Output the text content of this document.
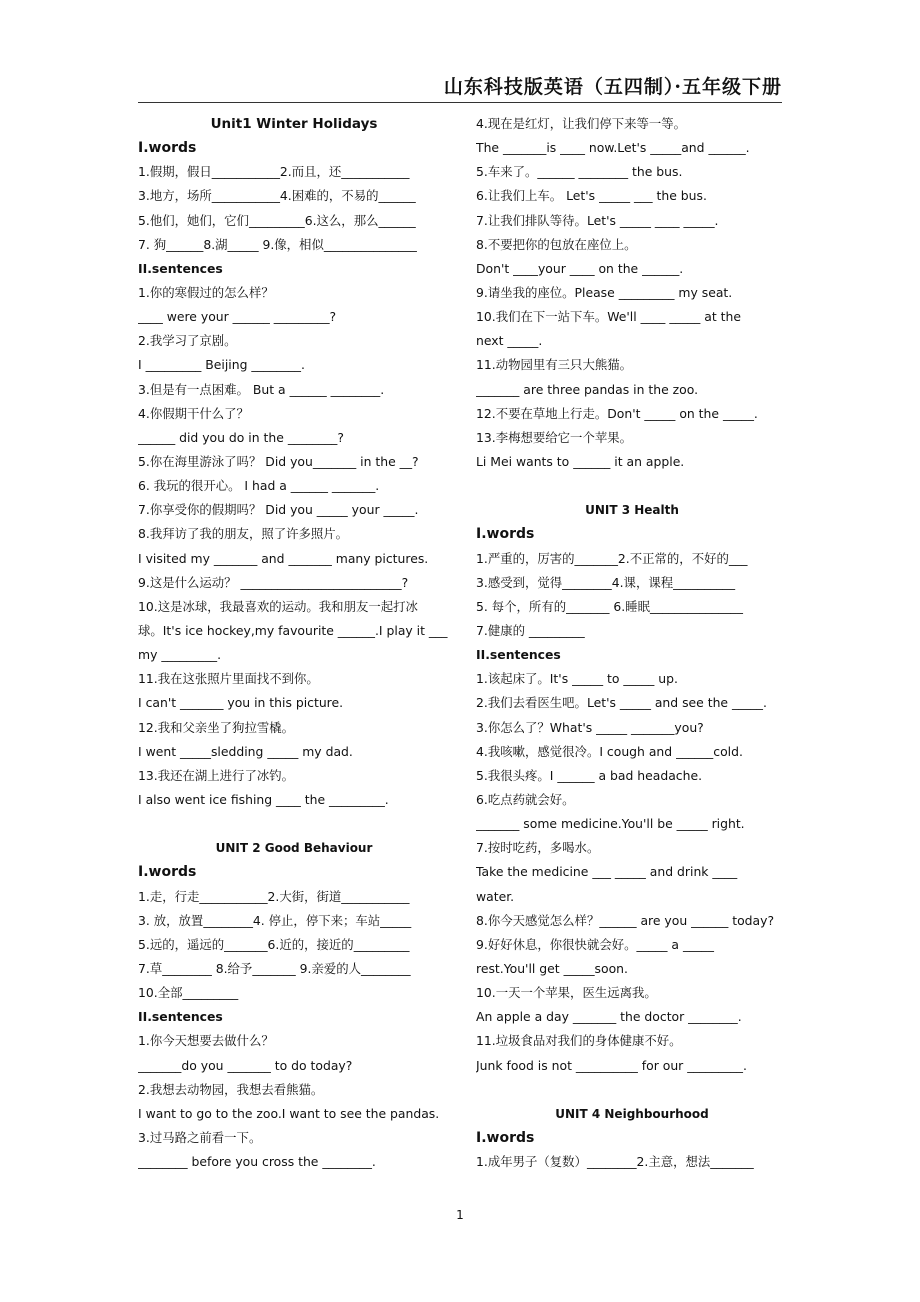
山东科技版英语（五四制）·五年级下册
Unit1 Winter Holidays
I.words
1.假期，假日___________2.而且，还___________
3.地方，场所___________4.困难的，不易的______
5.他们，她们，它们_________6.这么，那么______
7. 狗______8.湖_____ 9.像，相似_______________
II.sentences
1.你的寒假过的怎么样？
____ were your ______ _________?
2.我学习了京剧。
I _________ Beijing ________.
3.但是有一点困难。 But a ______ ________.
4.你假期干什么了？
______ did you do in the ________?
5.你在海里游泳了吗？ Did you_______ in the __?
6. 我玩的很开心。 I had a ______ _______.
7.你享受你的假期吗？ Did you _____ your _____.
8.我拜访了我的朋友，照了许多照片。
I visited my _______ and _______ many pictures.
9.这是什么运动？ __________________________?
10.这是冰球，我最喜欢的运动。我和朋友一起打冰
球。It's ice hockey,my favourite ______.I play it ___
my _________.
11.我在这张照片里面找不到你。
I can't _______ you in this picture.
12.我和父亲坐了狗拉雪橇。
I went _____sledding _____ my dad.
13.我还在湖上进行了冰钓。
I also went ice fishing ____ the _________.
UNIT 2 Good Behaviour
I.words
1.走，行走___________2.大街，街道___________
3. 放，放置________4. 停止，停下来；车站_____
5.远的，遥远的_______6.近的，接近的_________
7.草________ 8.给予_______ 9.亲爱的人________
10.全部_________
II.sentences
1.你今天想要去做什么？
_______do you _______ to do today?
2.我想去动物园，我想去看熊猫。
I want to go to the zoo.I want to see the pandas.
3.过马路之前看一下。
________ before you cross the ________.
4.现在是红灯，让我们停下来等一等。
The _______is ____ now.Let's _____and ______.
5.车来了。______ ________ the bus.
6.让我们上车。 Let's _____ ___ the bus.
7.让我们排队等待。Let's _____ ____ _____.
8.不要把你的包放在座位上。
Don't ____your ____ on the ______.
9.请坐我的座位。Please _________ my seat.
10.我们在下一站下车。We'll ____ _____ at the
next _____.
11.动物园里有三只大熊猫。
_______ are three pandas in the zoo.
12.不要在草地上行走。Don't _____ on the _____.
13.李梅想要给它一个苹果。
Li Mei wants to ______ it an apple.
UNIT 3 Health
I.words
1.严重的，厉害的_______2.不正常的，不好的___
3.感受到，觉得________4.课，课程__________
5. 每个，所有的_______ 6.睡眠_______________
7.健康的 _________
II.sentences
1.该起床了。It's _____ to _____ up.
2.我们去看医生吧。Let's _____ and see the _____.
3.你怎么了？What's _____ _______you?
4.我咳嗽，感觉很冷。I cough and ______cold.
5.我很头疼。I ______ a bad headache.
6.吃点药就会好。
_______ some medicine.You'll be _____ right.
7.按时吃药，多喝水。
Take the medicine ___ _____ and drink ____
water.
8.你今天感觉怎么样？______ are you ______ today?
9.好好休息，你很快就会好。_____ a _____
rest.You'll get _____soon.
10.一天一个苹果，医生远离我。
An apple a day _______ the doctor ________.
11.垃圾食品对我们的身体健康不好。
Junk food is not __________ for our _________.
UNIT 4 Neighbourhood
I.words
1.成年男子（复数）________2.主意，想法_______
1
